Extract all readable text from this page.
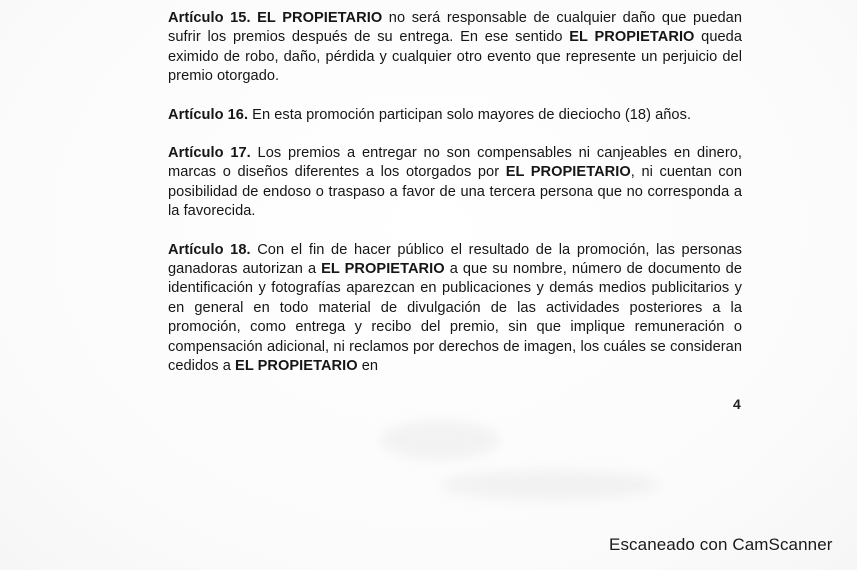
Artículo 15. EL PROPIETARIO no será responsable de cualquier daño que puedan sufrir los premios después de su entrega. En ese sentido EL PROPIETARIO queda eximido de robo, daño, pérdida y cualquier otro evento que represente un perjuicio del premio otorgado.

Artículo 16. En esta promoción participan solo mayores de dieciocho (18) años.

Artículo 17. Los premios a entregar no son compensables ni canjeables en dinero, marcas o diseños diferentes a los otorgados por EL PROPIETARIO, ni cuentan con posibilidad de endoso o traspaso a favor de una tercera persona que no corresponda a la favorecida.

Artículo 18. Con el fin de hacer público el resultado de la promoción, las personas ganadoras autorizan a EL PROPIETARIO a que su nombre, número de documento de identificación y fotografías aparezcan en publicaciones y demás medios publicitarios y en general en todo material de divulgación de las actividades posteriores a la promoción, como entrega y recibo del premio, sin que implique remuneración o compensación adicional, ni reclamos por derechos de imagen, los cuáles se consideran cedidos a EL PROPIETARIO en

4
Escaneado con CamScanner
